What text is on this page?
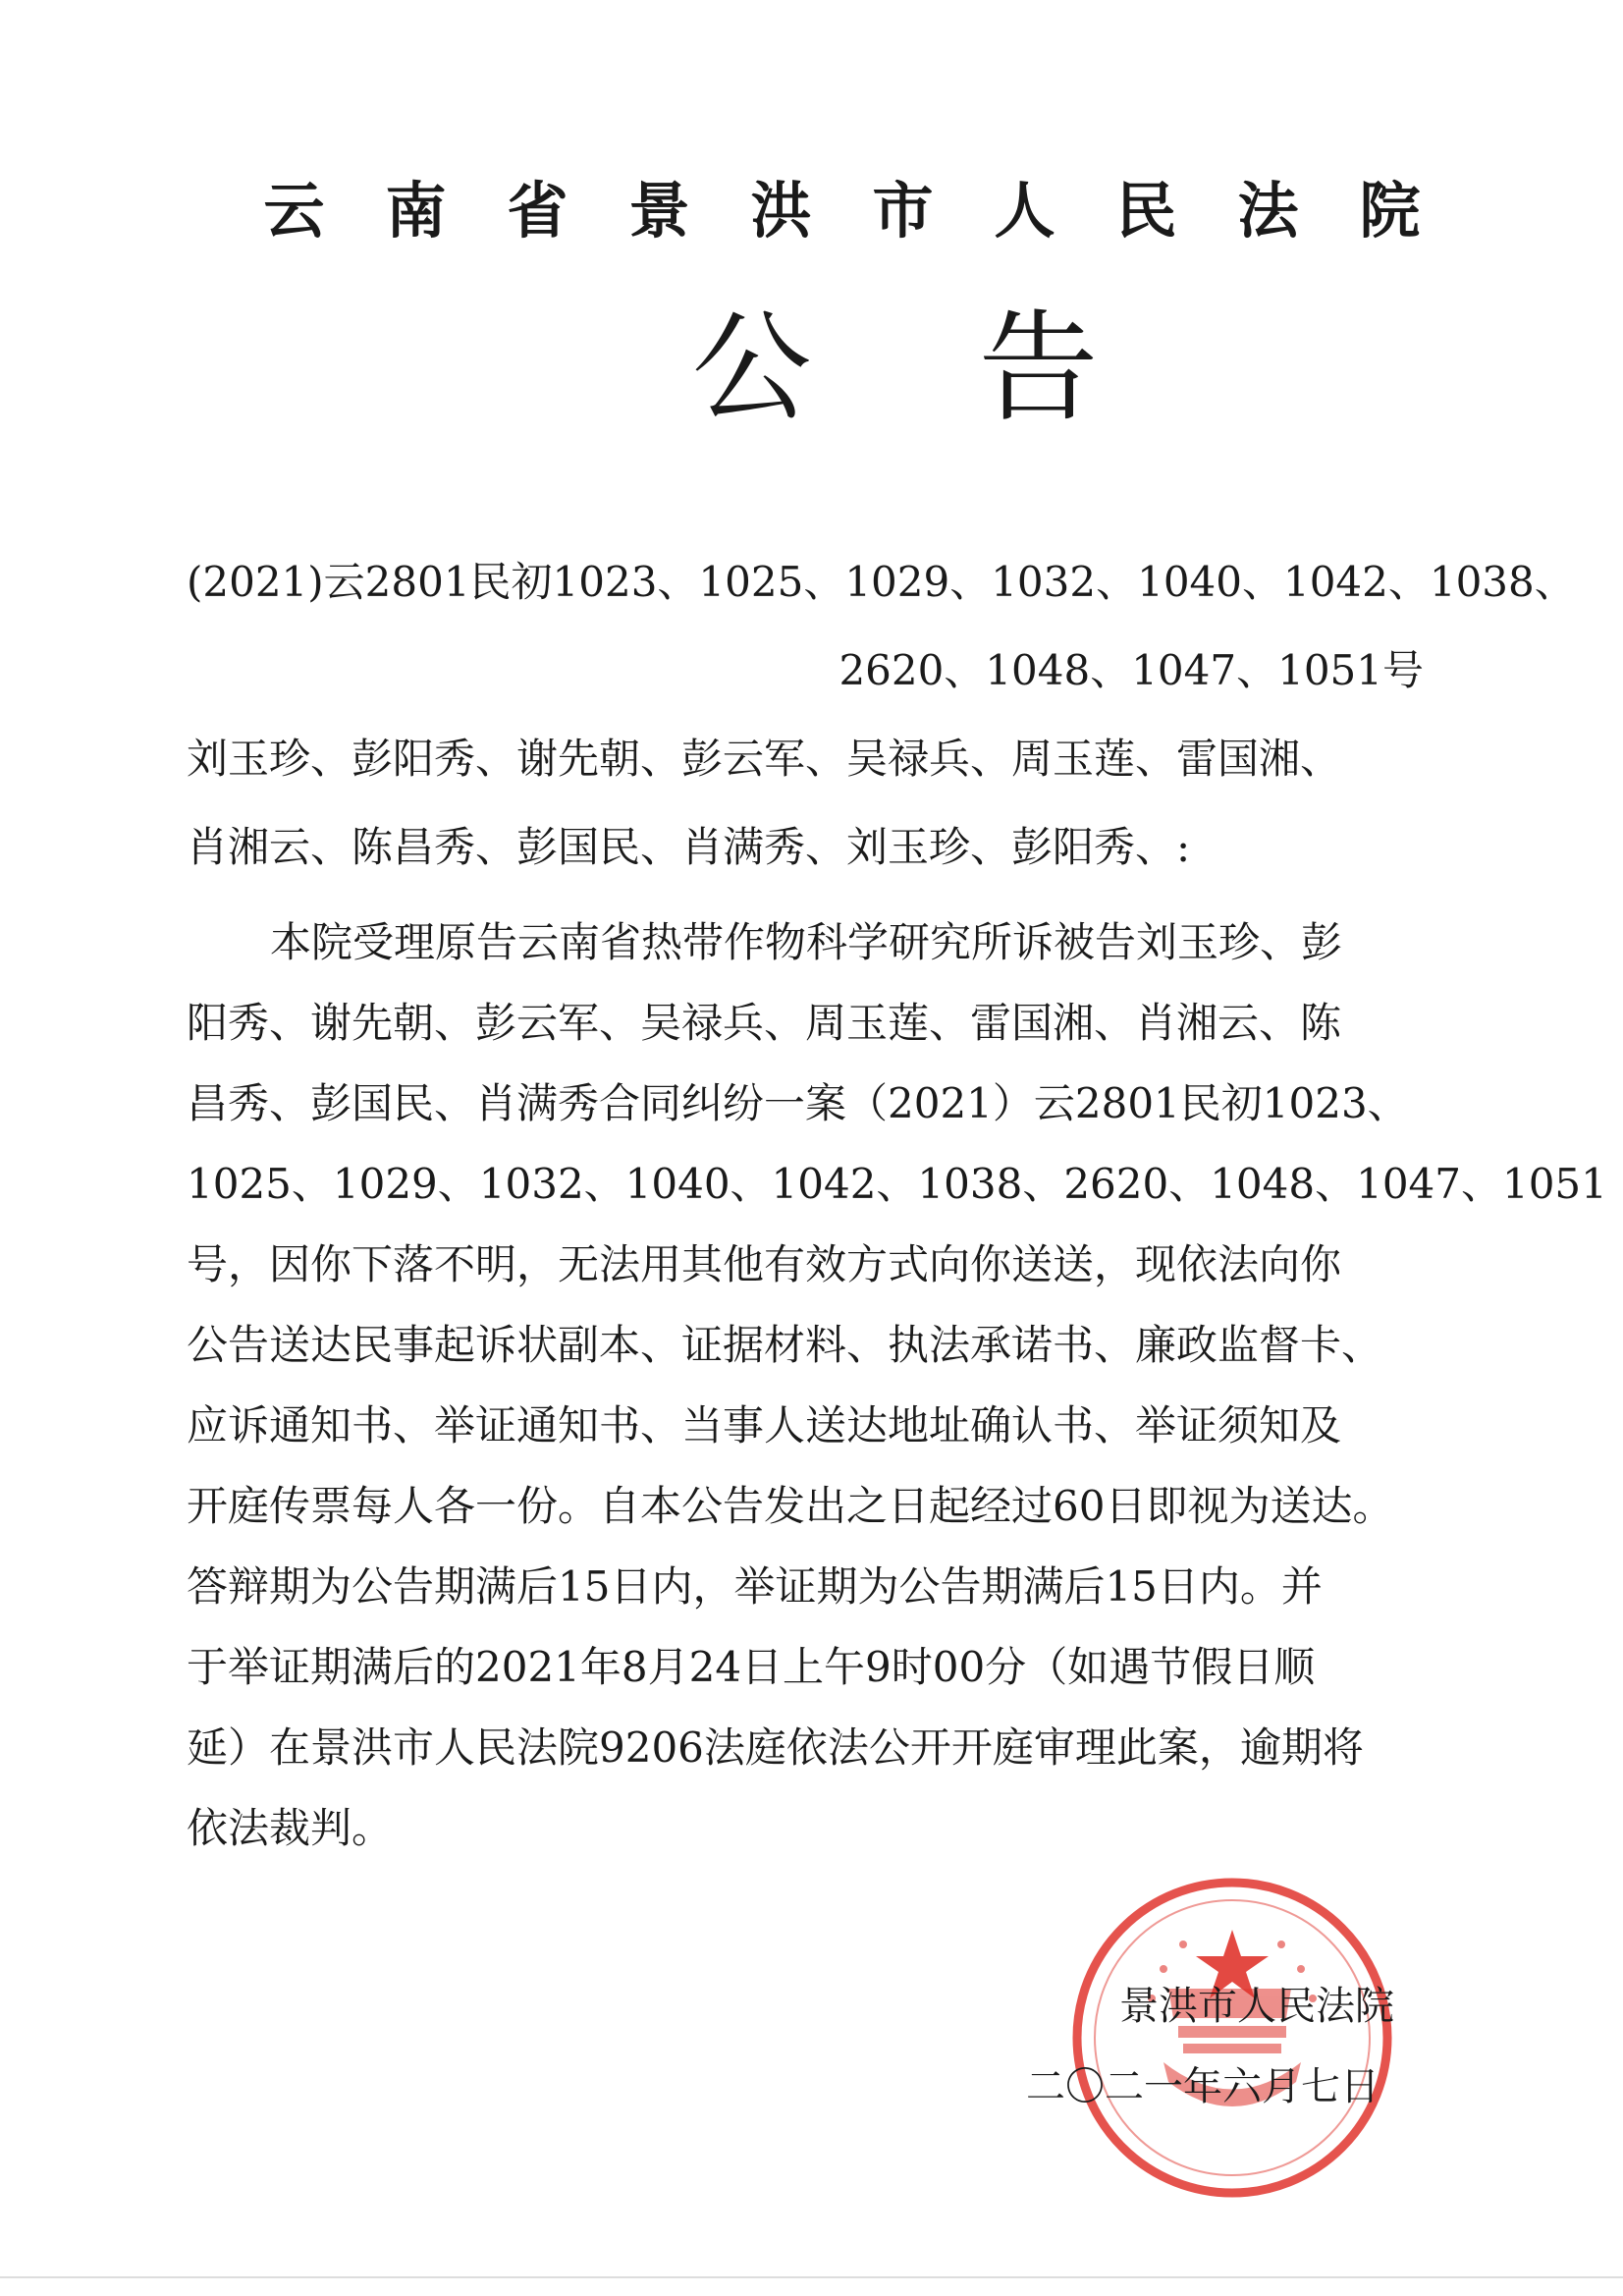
云南省景洪市人民法院
公告
(2021)云2801民初1023、1025、1029、1032、1040、1042、1038、
2620、1048、1047、1051号
刘玉珍、彭阳秀、谢先朝、彭云军、吴禄兵、周玉莲、雷国湘、
肖湘云、陈昌秀、彭国民、肖满秀、刘玉珍、彭阳秀、:
本院受理原告云南省热带作物科学研究所诉被告刘玉珍、彭
阳秀、谢先朝、彭云军、吴禄兵、周玉莲、雷国湘、肖湘云、陈
昌秀、彭国民、肖满秀合同纠纷一案（2021）云2801民初1023、
1025、1029、1032、1040、1042、1038、2620、1048、1047、1051
号，因你下落不明，无法用其他有效方式向你送送，现依法向你
公告送达民事起诉状副本、证据材料、执法承诺书、廉政监督卡、
应诉通知书、举证通知书、当事人送达地址确认书、举证须知及
开庭传票每人各一份。自本公告发出之日起经过60日即视为送达。
答辩期为公告期满后15日内，举证期为公告期满后15日内。并
于举证期满后的2021年8月24日上午9时00分（如遇节假日顺
延）在景洪市人民法院9206法庭依法公开开庭审理此案，逾期将
依法裁判。
景洪市人民法院
二〇二一年六月七日
